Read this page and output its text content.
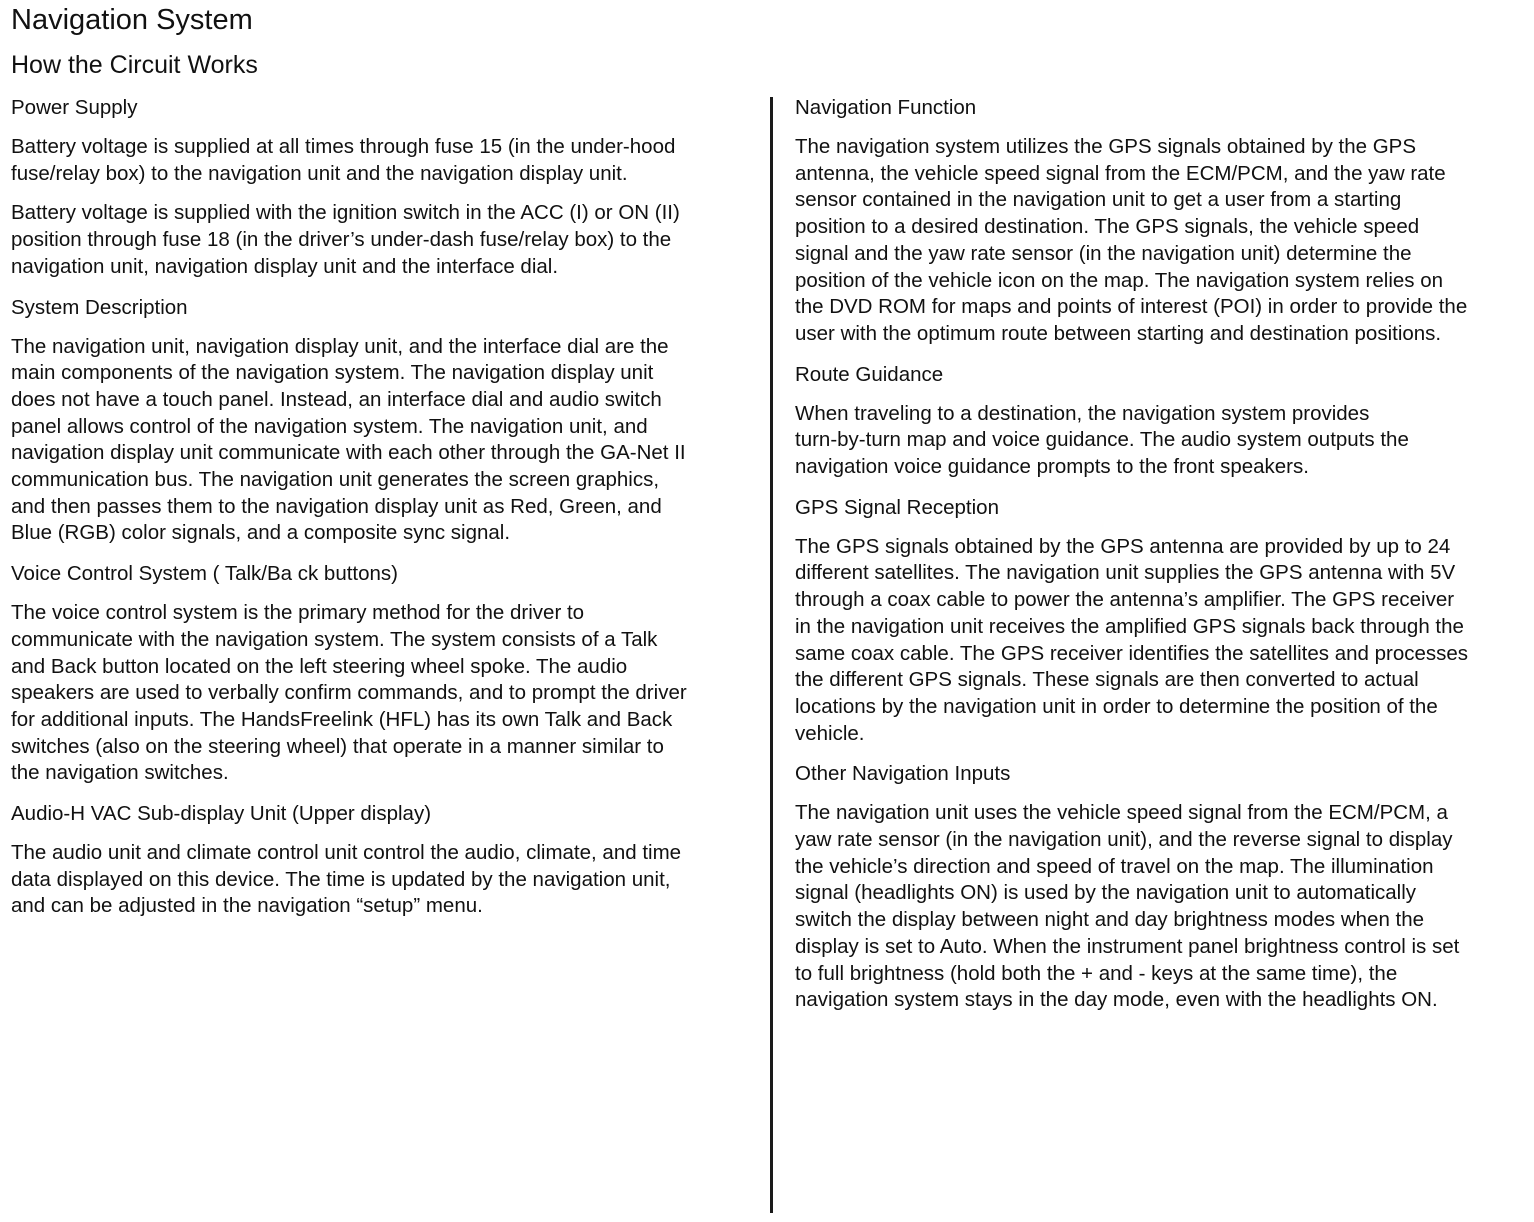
Navigation System
How the Circuit Works
Power Supply

Battery voltage is supplied at all times through fuse 15 (in the under-hood
fuse/relay box) to the navigation unit and the navigation display unit.

Battery voltage is supplied with the ignition switch in the ACC (I) or ON (II)
position through fuse 18 (in the driver’s under-dash fuse/relay box) to the
navigation unit, navigation display unit and the interface dial.

System Description

The navigation unit, navigation display unit, and the interface dial are the
main components of the navigation system. The navigation display unit
does not have a touch panel. Instead, an interface dial and audio switch
panel allows control of the navigation system. The navigation unit, and
navigation display unit communicate with each other through the GA-Net II
communication bus. The navigation unit generates the screen graphics,
and then passes them to the navigation display unit as Red, Green, and
Blue (RGB) color signals, and a composite sync signal.

Voice Control System ( Talk/Ba ck buttons)

The voice control system is the primary method for the driver to
communicate with the navigation system. The system consists of a Talk
and Back button located on the left steering wheel spoke. The audio
speakers are used to verbally confirm commands, and to prompt the driver
for additional inputs. The HandsFreelink (HFL) has its own Talk and Back
switches (also on the steering wheel) that operate in a manner similar to
the navigation switches.

Audio-H VAC Sub-display Unit (Upper display)

The audio unit and climate control unit control the audio, climate, and time
data displayed on this device. The time is updated by the navigation unit,
and can be adjusted in the navigation “setup” menu.

Navigation Function

The navigation system utilizes the GPS signals obtained by the GPS
antenna, the vehicle speed signal from the ECM/PCM, and the yaw rate
sensor contained in the navigation unit to get a user from a starting
position to a desired destination. The GPS signals, the vehicle speed
signal and the yaw rate sensor (in the navigation unit) determine the
position of the vehicle icon on the map. The navigation system relies on
the DVD ROM for maps and points of interest (POI) in order to provide the
user with the optimum route between starting and destination positions.

Route Guidance

When traveling to a destination, the navigation system provides
turn-by-turn map and voice guidance. The audio system outputs the
navigation voice guidance prompts to the front speakers.

GPS Signal Reception

The GPS signals obtained by the GPS antenna are provided by up to 24
different satellites. The navigation unit supplies the GPS antenna with 5V
through a coax cable to power the antenna’s amplifier. The GPS receiver
in the navigation unit receives the amplified GPS signals back through the
same coax cable. The GPS receiver identifies the satellites and processes
the different GPS signals. These signals are then converted to actual
locations by the navigation unit in order to determine the position of the
vehicle.

Other Navigation Inputs

The navigation unit uses the vehicle speed signal from the ECM/PCM, a
yaw rate sensor (in the navigation unit), and the reverse signal to display
the vehicle’s direction and speed of travel on the map. The illumination
signal (headlights ON) is used by the navigation unit to automatically
switch the display between night and day brightness modes when the
display is set to Auto. When the instrument panel brightness control is set
to full brightness (hold both the + and - keys at the same time), the
navigation system stays in the day mode, even with the headlights ON.
